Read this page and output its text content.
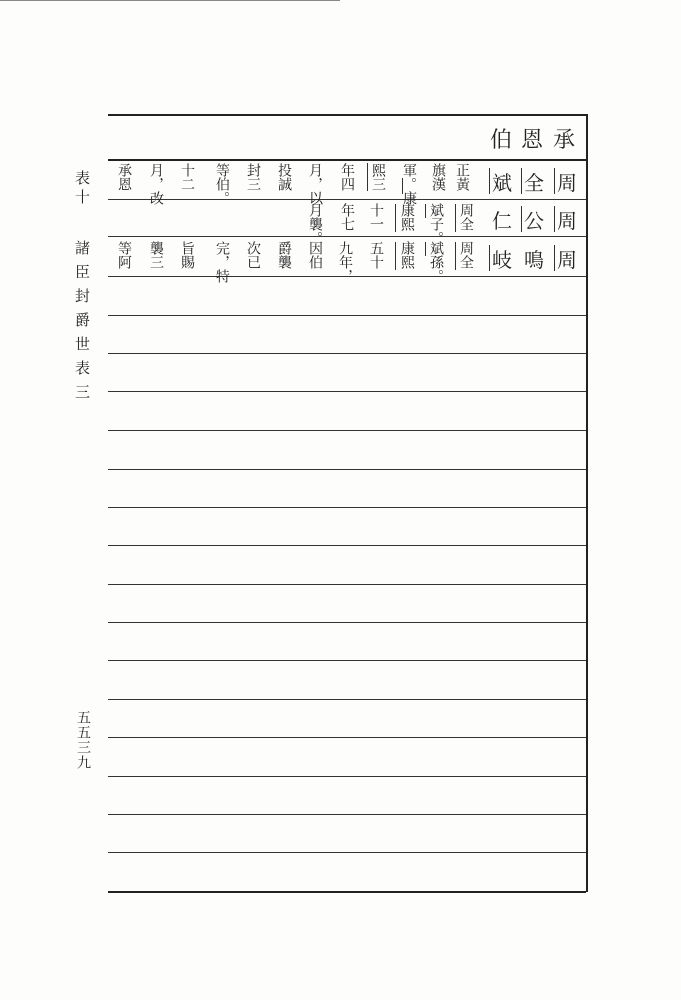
表十
諸臣封爵世表三
五五三九
承
恩
伯
周
全
斌
周
公
仁
周
鳴
岐
正黃
旗漢
軍。康
熙三
年四
月，以
投誠
封三
等伯。
十二
月，改
承恩
周全
斌子。
康熙
十一
年七
月襲。
周全
斌孫。
康熙
五十
九年，
因伯
爵襲
次已
完，特
旨賜
襲三
等阿
